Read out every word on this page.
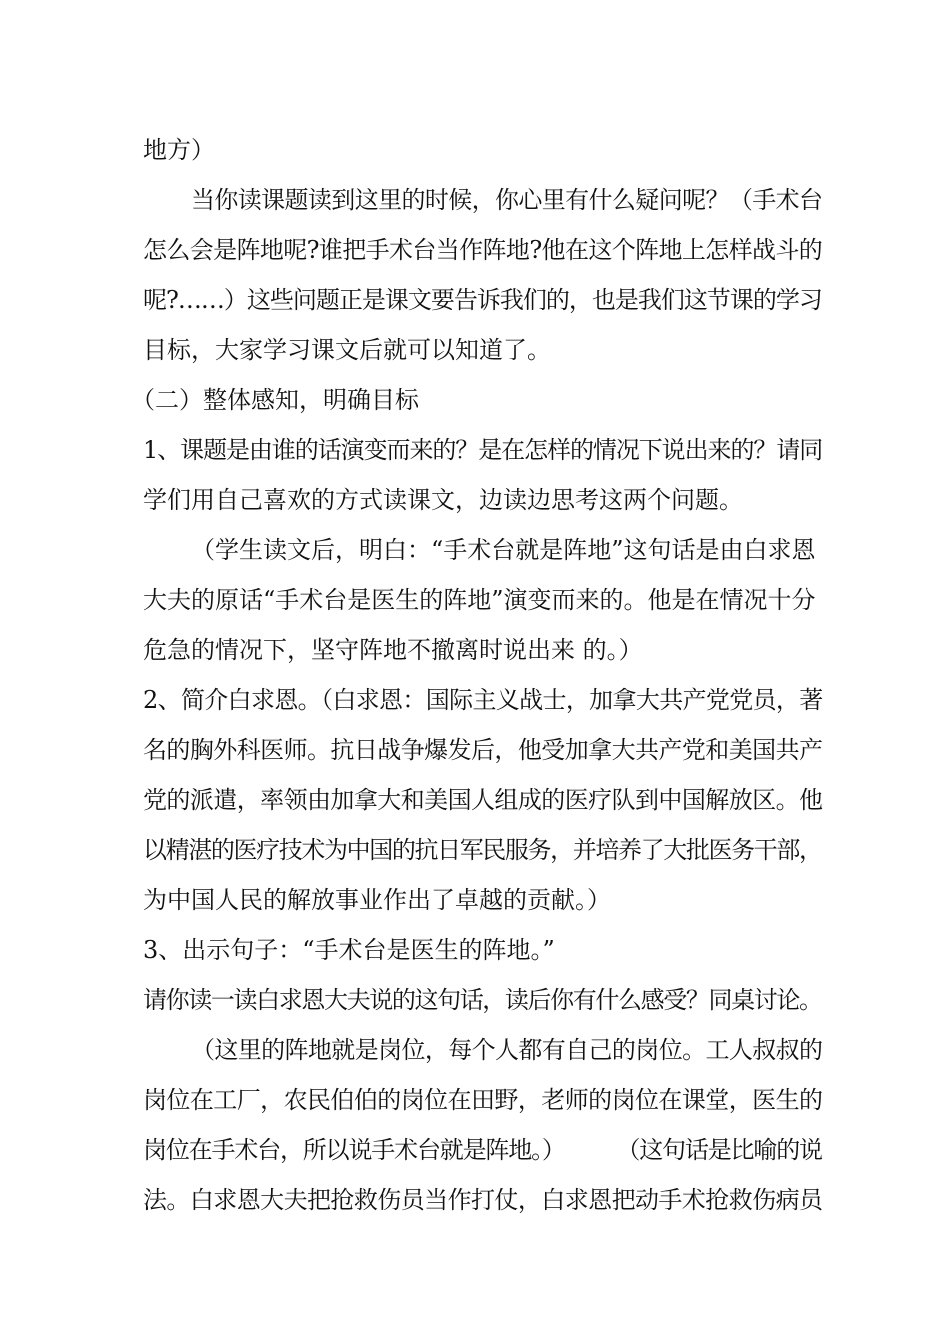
地方）
当你读课题读到这里的时候，你心里有什么疑问呢？（手术台
怎么会是阵地呢?谁把手术台当作阵地?他在这个阵地上怎样战斗的
呢?……）这些问题正是课文要告诉我们的，也是我们这节课的学习
目标，大家学习课文后就可以知道了。
（二）整体感知，明确目标
1、课题是由谁的话演变而来的？是在怎样的情况下说出来的？请同
学们用自己喜欢的方式读课文，边读边思考这两个问题。
（学生读文后，明白：“手术台就是阵地”这句话是由白求恩
大夫的原话“手术台是医生的阵地”演变而来的。他是在情况十分
危急的情况下，坚守阵地不撤离时说出来 的。）
2、简介白求恩。（白求恩：国际主义战士，加拿大共产党党员，著
名的胸外科医师。抗日战争爆发后，他受加拿大共产党和美国共产
党的派遣，率领由加拿大和美国人组成的医疗队到中国解放区。他
以精湛的医疗技术为中国的抗日军民服务，并培养了大批医务干部，
为中国人民的解放事业作出了卓越的贡献。）
3、出示句子：“手术台是医生的阵地。”
请你读一读白求恩大夫说的这句话，读后你有什么感受？同桌讨论。
（这里的阵地就是岗位，每个人都有自己的岗位。工人叔叔的
岗位在工厂，农民伯伯的岗位在田野，老师的岗位在课堂，医生的
岗位在手术台，所以说手术台就是阵地。）        （这句话是比喻的说
法。白求恩大夫把抢救伤员当作打仗，白求恩把动手术抢救伤病员
